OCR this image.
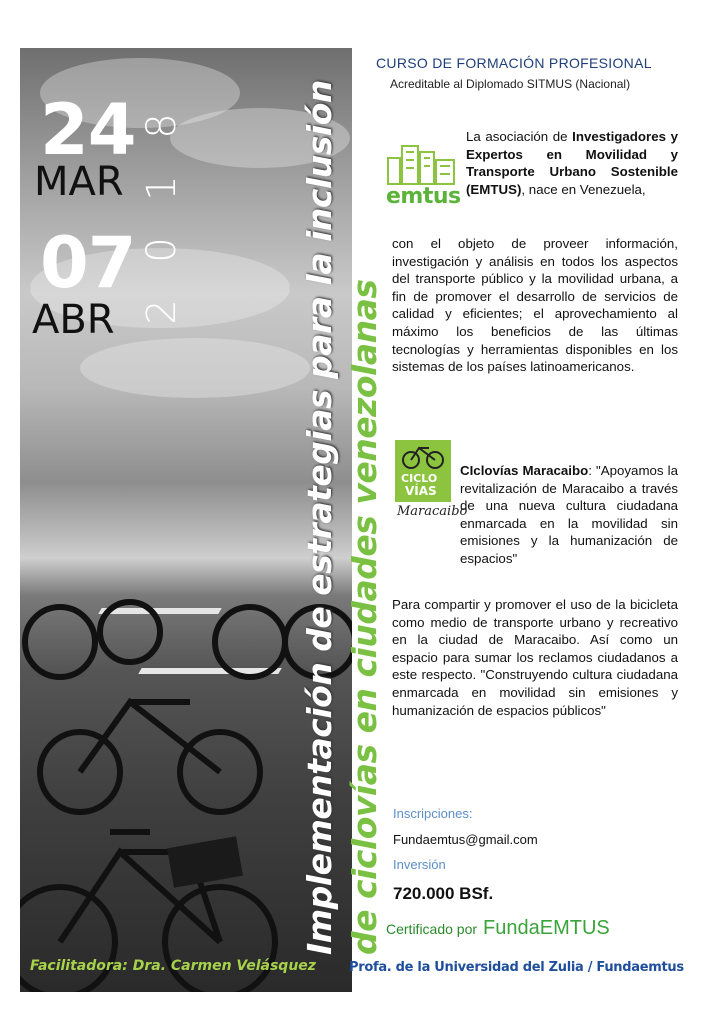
24
MAR
07
ABR
8
1
0
2	Implementación de estrategias para la inclusión de ciclovías en ciudades venezolanas
Facilitadora: Dra. Carmen Velásquez	Profa. de la Universidad del Zulia / Fundaemtus
CURSO DE FORMACIÓN PROFESIONAL
Acreditable al Diplomado SITMUS (Nacional)
emtus
La asociación de Investigadores y Expertos en Movilidad y Transporte Urbano Sostenible (EMTUS), nace en Venezuela,
con el objeto de proveer información, investigación y análisis en todos los aspectos del transporte público y la movilidad urbana, a fin de promover el desarrollo de servicios de calidad y eficientes; el aprovechamiento al máximo los beneficios de las últimas tecnologías y herramientas disponibles en los sistemas de los países latinoamericanos.
CICLO
VÍAS
Maracaibo
CIclovías Maracaibo: "Apoyamos la revitalización de Maracaibo a través de una nueva cultura ciudadana enmarcada en la movilidad sin emisiones y la humanización de espacios"
Para compartir y promover el uso de la bicicleta como medio de transporte urbano y recreativo en la ciudad de Maracaibo. Así como un espacio para sumar los reclamos ciudadanos a este respecto. "Construyendo cultura ciudadana enmarcada en movilidad sin emisiones y humanización de espacios públicos"
Inscripciones:
Fundaemtus@gmail.com
Inversión
720.000 BSf.
Certificado por FundaEMTUS
